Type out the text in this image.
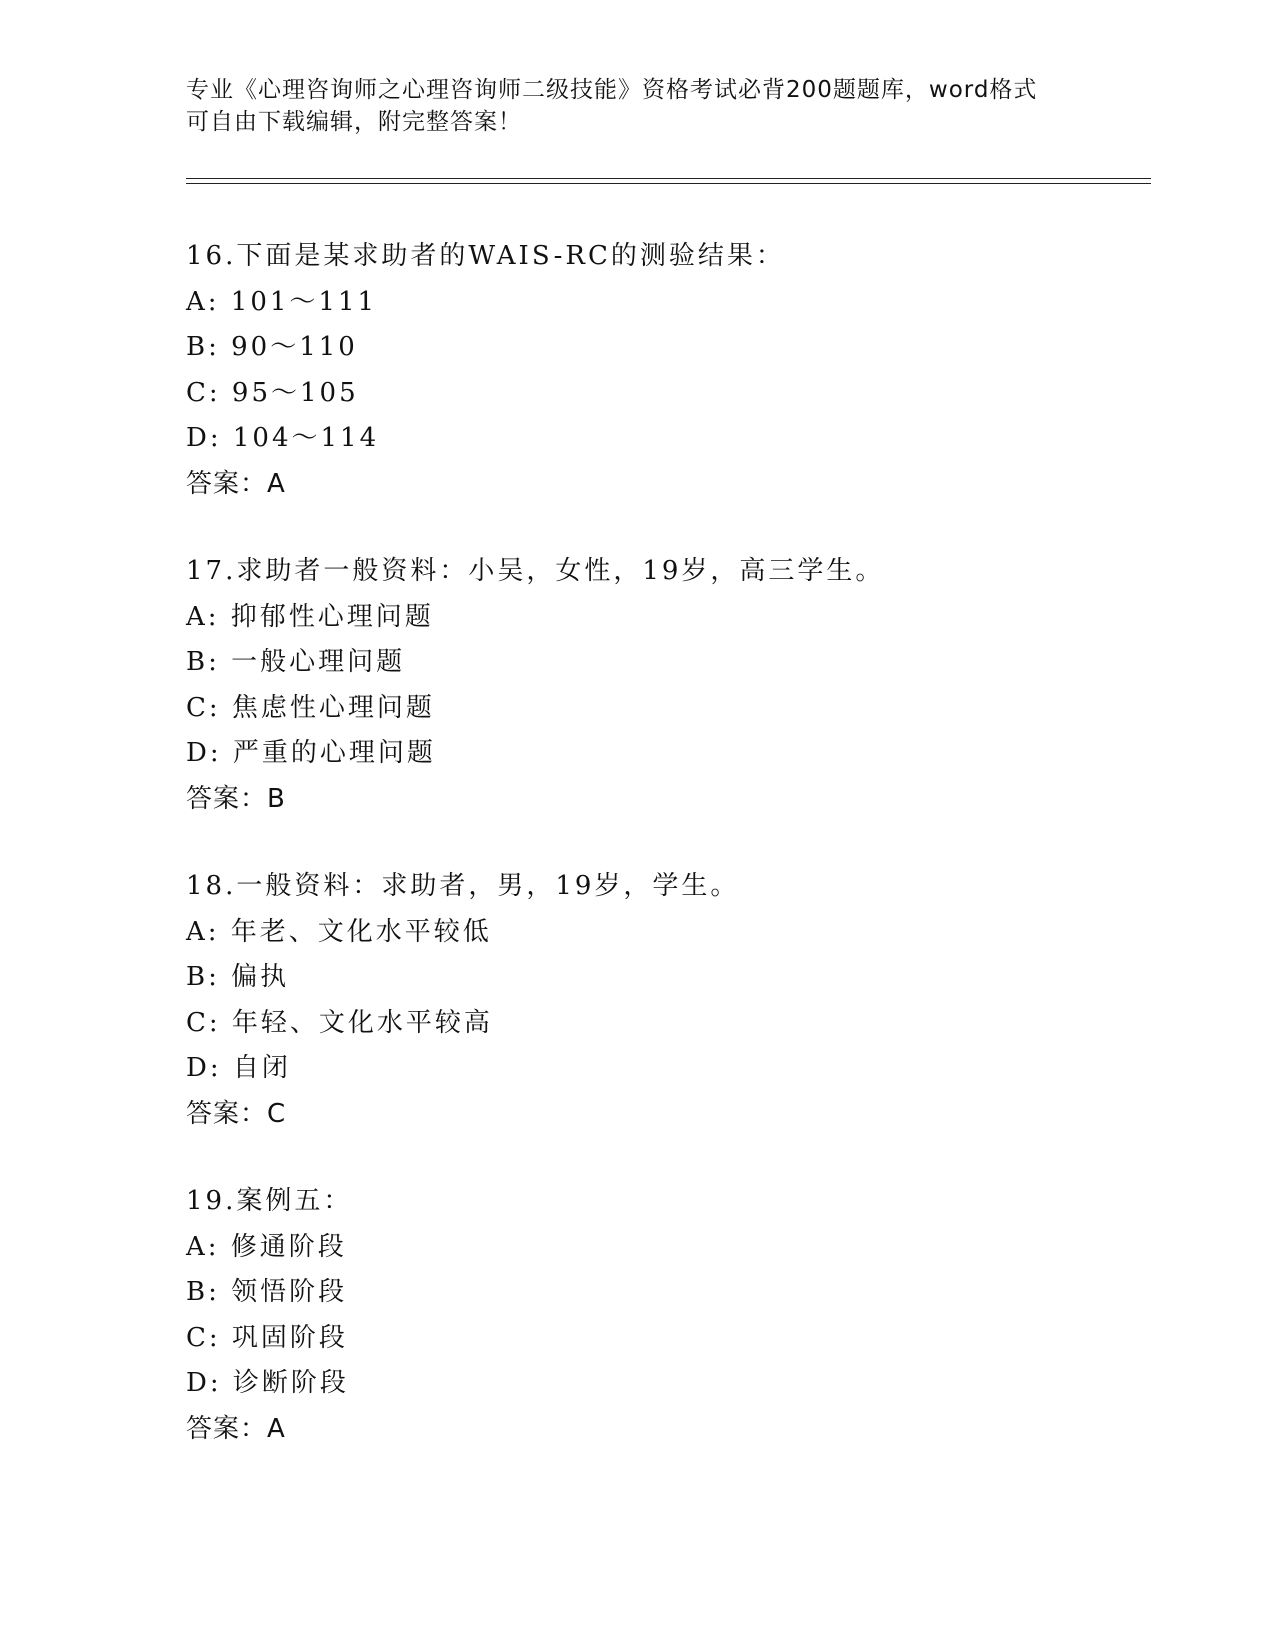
专业《心理咨询师之心理咨询师二级技能》资格考试必背200题题库，word格式
可自由下载编辑，附完整答案！
16.下面是某求助者的WAIS-RC的测验结果：
A: 101～111
B: 90～110
C: 95～105
D: 104～114
答案：A
17.求助者一般资料：小吴，女性，19岁，高三学生。
A: 抑郁性心理问题
B: 一般心理问题
C: 焦虑性心理问题
D: 严重的心理问题
答案：B
18.一般资料：求助者，男，19岁，学生。
A: 年老、文化水平较低
B: 偏执
C: 年轻、文化水平较高
D: 自闭
答案：C
19.案例五：
A: 修通阶段
B: 领悟阶段
C: 巩固阶段
D: 诊断阶段
答案：A
